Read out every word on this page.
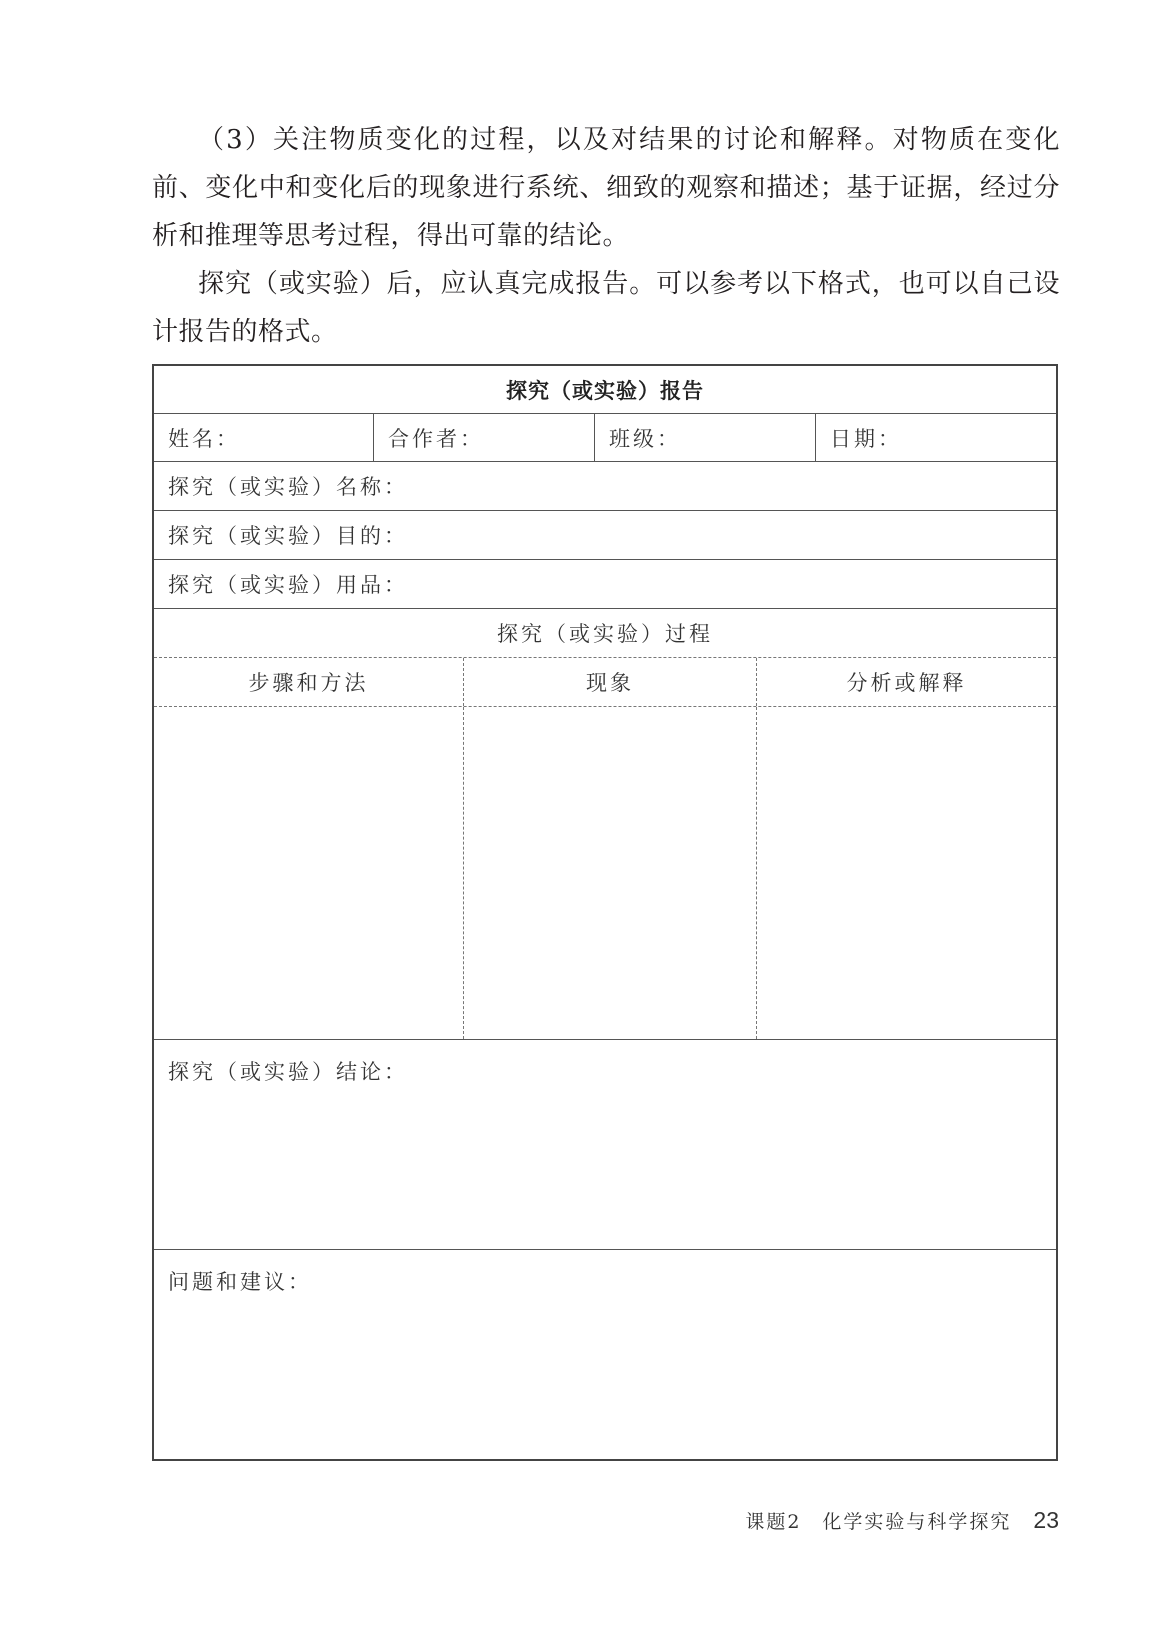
（3）关注物质变化的过程，以及对结果的讨论和解释。对物质在变化前、变化中和变化后的现象进行系统、细致的观察和描述；基于证据，经过分析和推理等思考过程，得出可靠的结论。

探究（或实验）后，应认真完成报告。可以参考以下格式，也可以自己设计报告的格式。

探究（或实验）报告
姓名：	合作者：	班级：	日期：
探究（或实验）名称：
探究（或实验）目的：
探究（或实验）用品：
探究（或实验）过程
步骤和方法	现象	分析或解释
探究（或实验）结论：
问题和建议：
课题2　化学实验与科学探究 23
